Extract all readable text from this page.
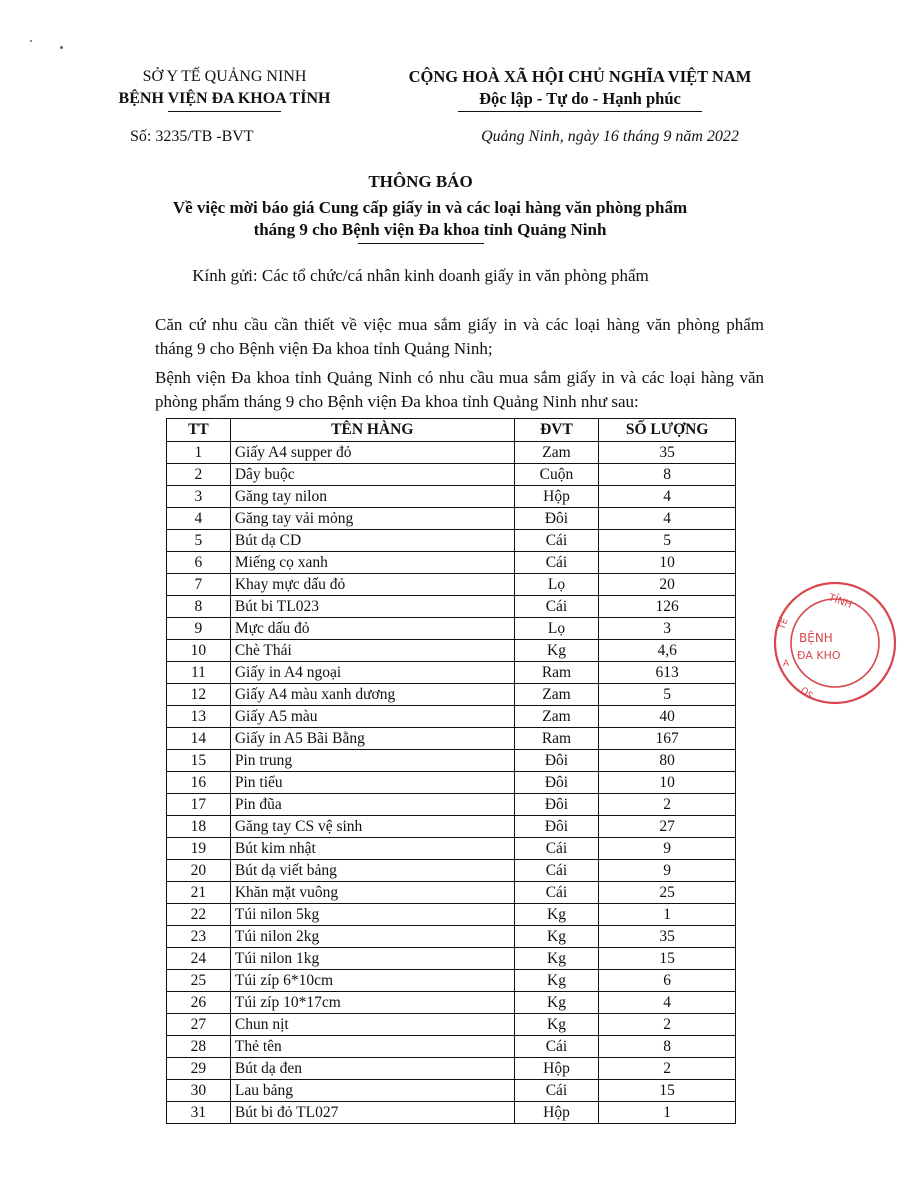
SỞ Y TẾ QUẢNG NINH
BỆNH VIỆN ĐA KHOA TỈNH
CỘNG HOÀ XÃ HỘI CHỦ NGHĨA VIỆT NAM
Độc lập - Tự do - Hạnh phúc
Số: 3235/TB -BVT	Quảng Ninh, ngày 16 tháng 9 năm 2022
THÔNG BÁO
Về việc mời báo giá Cung cấp giấy in và các loại hàng văn phòng phẩm
tháng 9 cho Bệnh viện Đa khoa tỉnh Quảng Ninh
Kính gửi: Các tổ chức/cá nhân kinh doanh giấy in văn phòng phẩm
Căn cứ nhu cầu cần thiết về việc mua sắm giấy in và các loại hàng văn phòng phẩm tháng 9 cho Bệnh viện Đa khoa tỉnh Quảng Ninh;
Bệnh viện Đa khoa tỉnh Quảng Ninh có nhu cầu mua sắm giấy in và các loại hàng văn phòng phẩm tháng 9 cho Bệnh viện Đa khoa tỉnh Quảng Ninh như sau:
TT	TÊN HÀNG	ĐVT	SỐ LƯỢNG
1	Giấy A4 supper đỏ	Zam	35
2	Dây buộc	Cuộn	8
3	Găng tay nilon	Hộp	4
4	Găng tay vải mỏng	Đôi	4
5	Bút dạ CD	Cái	5
6	Miếng cọ xanh	Cái	10
7	Khay mực dấu đỏ	Lọ	20
8	Bút bi TL023	Cái	126
9	Mực dấu đỏ	Lọ	3
10	Chè Thái	Kg	4,6
11	Giấy in A4 ngoại	Ram	613
12	Giấy A4 màu xanh dương	Zam	5
13	Giấy A5 màu	Zam	40
14	Giấy in A5 Bãi Bằng	Ram	167
15	Pin trung	Đôi	80
16	Pin tiểu	Đôi	10
17	Pin đũa	Đôi	2
18	Găng tay CS vệ sinh	Đôi	27
19	Bút kim nhật	Cái	9
20	Bút dạ viết bảng	Cái	9
21	Khăn mặt vuông	Cái	25
22	Túi nilon 5kg	Kg	1
23	Túi nilon 2kg	Kg	35
24	Túi nilon 1kg	Kg	15
25	Túi zíp 6*10cm	Kg	6
26	Túi zíp 10*17cm	Kg	4
27	Chun nịt	Kg	2
28	Thẻ tên	Cái	8
29	Bút dạ đen	Hộp	2
30	Lau bảng	Cái	15
31	Bút bi đỏ TL027	Hộp	1
TỈNH
TẾ
BỆNH
ĐA KHO
A
OS
